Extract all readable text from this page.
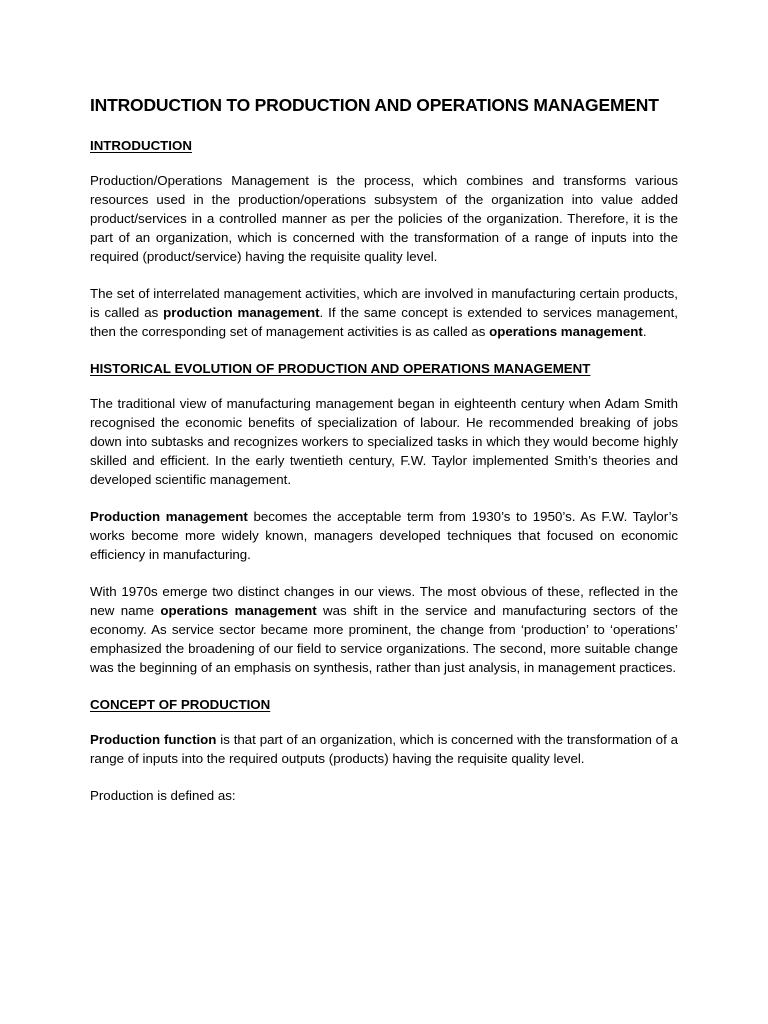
INTRODUCTION TO PRODUCTION AND OPERATIONS MANAGEMENT
INTRODUCTION

Production/Operations Management is the process, which combines and transforms various resources used in the production/operations subsystem of the organization into value added product/services in a controlled manner as per the policies of the organization. Therefore, it is the part of an organization, which is concerned with the transformation of a range of inputs into the required (product/service) having the requisite quality level.

The set of interrelated management activities, which are involved in manufacturing certain products, is called as production management. If the same concept is extended to services management, then the corresponding set of management activities is as called as operations management.

HISTORICAL EVOLUTION OF PRODUCTION AND OPERATIONS MANAGEMENT

The traditional view of manufacturing management began in eighteenth century when Adam Smith recognised the economic benefits of specialization of labour. He recommended breaking of jobs down into subtasks and recognizes workers to specialized tasks in which they would become highly skilled and efficient. In the early twentieth century, F.W. Taylor implemented Smith’s theories and developed scientific management.

Production management becomes the acceptable term from 1930’s to 1950’s. As F.W. Taylor’s works become more widely known, managers developed techniques that focused on economic efficiency in manufacturing.

With 1970s emerge two distinct changes in our views. The most obvious of these, reflected in the new name operations management was shift in the service and manufacturing sectors of the economy. As service sector became more prominent, the change from ‘production’ to ‘operations’ emphasized the broadening of our field to service organizations. The second, more suitable change was the beginning of an emphasis on synthesis, rather than just analysis, in management practices.

CONCEPT OF PRODUCTION

Production function is that part of an organization, which is concerned with the transformation of a range of inputs into the required outputs (products) having the requisite quality level.

Production is defined as:
